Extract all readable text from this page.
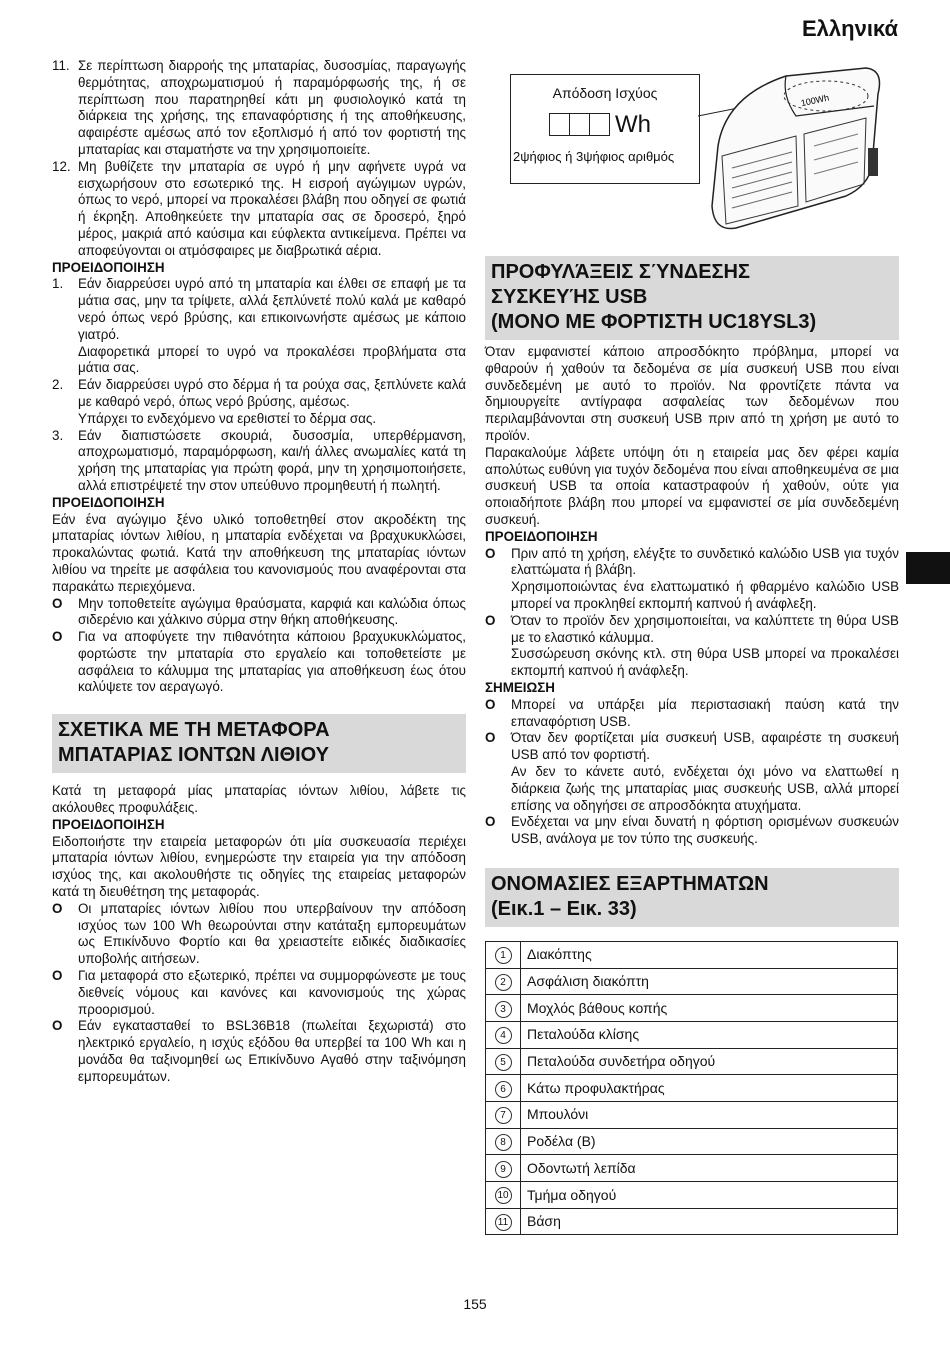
Ελληνικά
11. Σε περίπτωση διαρροής της μπαταρίας, δυσοσμίας, παραγωγής θερμότητας, αποχρωματισμού ή παραμόρφωσής της, ή σε περίπτωση που παρατηρηθεί κάτι μη φυσιολογικό κατά τη διάρκεια της χρήσης, της επαναφόρτισης ή της αποθήκευσης, αφαιρέστε αμέσως από τον εξοπλισμό ή από τον φορτιστή της μπαταρίας και σταματήστε να την χρησιμοποιείτε.
12. Μη βυθίζετε την μπαταρία σε υγρό ή μην αφήνετε υγρά να εισχωρήσουν στο εσωτερικό της. Η εισροή αγώγιμων υγρών, όπως το νερό, μπορεί να προκαλέσει βλάβη που οδηγεί σε φωτιά ή έκρηξη. Αποθηκεύετε την μπαταρία σας σε δροσερό, ξηρό μέρος, μακριά από καύσιμα και εύφλεκτα αντικείμενα. Πρέπει να αποφεύγονται οι ατμόσφαιρες με διαβρωτικά αέρια.
ΠΡΟΕΙΔΟΠΟΙΗΣΗ
1.	Εάν διαρρεύσει υγρό από τη μπαταρία και έλθει σε επαφή με τα μάτια σας, μην τα τρίψετε, αλλά ξεπλύνετέ πολύ καλά με καθαρό νερό όπως νερό βρύσης, και επικοινωνήστε αμέσως με κάποιο γιατρό.
Διαφορετικά μπορεί το υγρό να προκαλέσει προβλήματα στα μάτια σας.
2.	Εάν διαρρεύσει υγρό στο δέρμα ή τα ρούχα σας, ξεπλύνετε καλά με καθαρό νερό, όπως νερό βρύσης, αμέσως.
Υπάρχει το ενδεχόμενο να ερεθιστεί το δέρμα σας.
3.	Εάν διαπιστώσετε σκουριά, δυσοσμία, υπερθέρμανση, αποχρωματισμό, παραμόρφωση, και/ή άλλες ανωμαλίες κατά τη χρήση της μπαταρίας για πρώτη φορά, μην τη χρησιμοποιήσετε, αλλά επιστρέψετέ την στον υπεύθυνο προμηθευτή ή πωλητή.
ΠΡΟΕΙΔΟΠΟΙΗΣΗ
Εάν ένα αγώγιμο ξένο υλικό τοποθετηθεί στον ακροδέκτη της μπαταρίας ιόντων λιθίου, η μπαταρία ενδέχεται να βραχυκυκλώσει, προκαλώντας φωτιά. Κατά την αποθήκευση της μπαταρίας ιόντων λιθίου να τηρείτε με ασφάλεια του κανονισμούς που αναφέρονται στα παρακάτω περιεχόμενα.
O	Μην τοποθετείτε αγώγιμα θραύσματα, καρφιά και καλώδια όπως σιδερένιο και χάλκινο σύρμα στην θήκη αποθήκευσης.
O	Για να αποφύγετε την πιθανότητα κάποιου βραχυκυκλώματος, φορτώστε την μπαταρία στο εργαλείο και τοποθετείστε με ασφάλεια το κάλυμμα της μπαταρίας για αποθήκευση έως ότου καλύψετε τον αεραγωγό.
ΣΧΕΤΙΚΑ ΜΕ ΤΗ ΜΕΤΑΦΟΡΑ
ΜΠΑΤΑΡΙΑΣ ΙΟΝΤΩΝ ΛΙΘΙΟΥ
Κατά τη μεταφορά μίας μπαταρίας ιόντων λιθίου, λάβετε τις ακόλουθες προφυλάξεις.
ΠΡΟΕΙΔΟΠΟΙΗΣΗ
Ειδοποιήστε την εταιρεία μεταφορών ότι μία συσκευασία περιέχει μπαταρία ιόντων λιθίου, ενημερώστε την εταιρεία για την απόδοση ισχύος της, και ακολουθήστε τις οδηγίες της εταιρείας μεταφορών κατά τη διευθέτηση της μεταφοράς.
O	Οι μπαταρίες ιόντων λιθίου που υπερβαίνουν την απόδοση ισχύος των 100 Wh θεωρούνται στην κατάταξη εμπορευμάτων ως Επικίνδυνο Φορτίο και θα χρειαστείτε ειδικές διαδικασίες υποβολής αιτήσεων.
O	Για μεταφορά στο εξωτερικό, πρέπει να συμμορφώνεστε με τους διεθνείς νόμους και κανόνες και κανονισμούς της χώρας προορισμού.
O	Εάν εγκατασταθεί το BSL36B18 (πωλείται ξεχωριστά) στο ηλεκτρικό εργαλείο, η ισχύς εξόδου θα υπερβεί τα 100 Wh και η μονάδα θα ταξινομηθεί ως Επικίνδυνο Αγαθό στην ταξινόμηση εμπορευμάτων.
Απόδοση Ισχύος
Wh
2ψήφιος ή 3ψήφιος αριθμός
100Wh
ΠΡΟΦΥΛΆΞΕΙΣ ΣΎΝΔΕΣΗΣ
ΣΥΣΚΕΥΉΣ USB
(ΜΟΝΟ ΜΕ ΦΟΡΤΙΣΤΗ UC18YSL3)
Όταν εμφανιστεί κάποιο απροσδόκητο πρόβλημα, μπορεί να φθαρούν ή χαθούν τα δεδομένα σε μία συσκευή USB που είναι συνδεδεμένη με αυτό το προϊόν. Να φροντίζετε πάντα να δημιουργείτε αντίγραφα ασφαλείας των δεδομένων που περιλαμβάνονται στη συσκευή USB πριν από τη χρήση με αυτό το προϊόν.
Παρακαλούμε λάβετε υπόψη ότι η εταιρεία μας δεν φέρει καμία απολύτως ευθύνη για τυχόν δεδομένα που είναι αποθηκευμένα σε μια συσκευή USB τα οποία καταστραφούν ή χαθούν, ούτε για οποιαδήποτε βλάβη που μπορεί να εμφανιστεί σε μία συνδεδεμένη συσκευή.
ΠΡΟΕΙΔΟΠΟΙΗΣΗ
O	Πριν από τη χρήση, ελέγξτε το συνδετικό καλώδιο USB για τυχόν ελαττώματα ή βλάβη.
Χρησιμοποιώντας ένα ελαττωματικό ή φθαρμένο καλώδιο USB μπορεί να προκληθεί εκπομπή καπνού ή ανάφλεξη.
O	Όταν το προϊόν δεν χρησιμοποιείται, να καλύπτετε τη θύρα USB με το ελαστικό κάλυμμα.
Συσσώρευση σκόνης κτλ. στη θύρα USB μπορεί να προκαλέσει εκπομπή καπνού ή ανάφλεξη.
ΣΗΜΕΙΩΣΗ
O	Μπορεί να υπάρξει μία περιστασιακή παύση κατά την επαναφόρτιση USB.
O	Όταν δεν φορτίζεται μία συσκευή USB, αφαιρέστε τη συσκευή USB από τον φορτιστή.
Αν δεν το κάνετε αυτό, ενδέχεται όχι μόνο να ελαττωθεί η διάρκεια ζωής της μπαταρίας μιας συσκευής USB, αλλά μπορεί επίσης να οδηγήσει σε απροσδόκητα ατυχήματα.
O	Ενδέχεται να μην είναι δυνατή η φόρτιση ορισμένων συσκευών USB, ανάλογα με τον τύπο της συσκευής.
ΟΝΟΜΑΣΙΕΣ ΕΞΑΡΤΗΜΑΤΩΝ
(Εικ.1 – Εικ. 33)
1	Διακόπτης
2	Ασφάλιση διακόπτη
3	Μοχλός βάθους κοπής
4	Πεταλούδα κλίσης
5	Πεταλούδα συνδετήρα οδηγού
6	Κάτω προφυλακτήρας
7	Μπουλόνι
8	Ροδέλα (B)
9	Οδοντωτή λεπίδα
10	Τμήμα οδηγού
11	Βάση
155
